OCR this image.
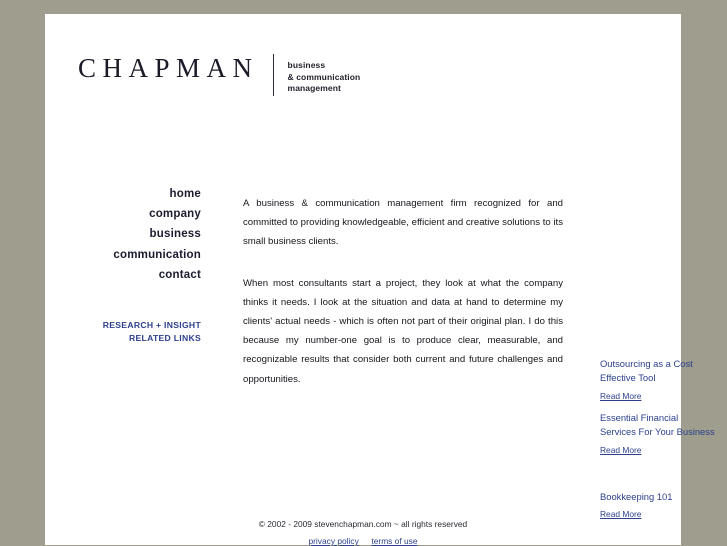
CHAPMAN	business
& communication
management
home
company
business
communication
contact
RESEARCH + INSIGHT
RELATED LINKS

A business & communication management firm recognized for and committed to providing knowledgeable, efficient and creative solutions to its small business clients.

When most consultants start a project, they look at what the company thinks it needs. I look at the situation and data at hand to determine my clients' actual needs - which is often not part of their original plan. I do this because my number-one goal is to produce clear, measurable, and recognizable results that consider both current and future challenges and opportunities.

Outsourcing as a Cost Effective Tool
Read More
Essential Financial Services For Your Business
Read More
Bookkeeping 101
Read More
© 2002 - 2009 stevenchapman.com ~ all rights reserved
privacy policy terms of use
